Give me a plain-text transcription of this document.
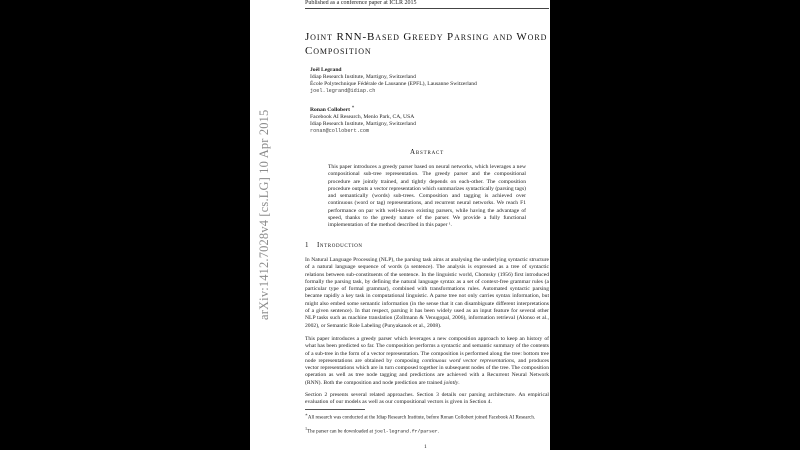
arXiv:1412.7028v4 [cs.LG] 10 Apr 2015
Published as a conference paper at ICLR 2015
Joint RNN-Based Greedy Parsing and Word Composition
Joël Legrand
Idiap Research Institute, Martigny, Switzerland
École Polytechnique Fédérale de Lausanne (EPFL), Lausanne Switzerland
joel.legrand@idiap.ch
Ronan Collobert ∗
Facebook AI Research, Menlo Park, CA, USA
Idiap Research Institute, Martigny, Switzerland
ronan@collobert.com
Abstract
This paper introduces a greedy parser based on neural networks, which leverages a new compositional sub-tree representation. The greedy parser and the compositional procedure are jointly trained, and tightly depends on each-other. The composition procedure outputs a vector representation which summarizes syntactically (parsing tags) and semantically (words) sub-trees. Composition and tagging is achieved over continuous (word or tag) representations, and recurrent neural networks. We reach F1 performance on par with well-known existing parsers, while having the advantage of speed, thanks to the greedy nature of the parser. We provide a fully functional implementation of the method described in this paper ¹.
1 Introduction
In Natural Language Processing (NLP), the parsing task aims at analysing the underlying syntactic structure of a natural language sequence of words (a sentence). The analysis is expressed as a tree of syntactic relations between sub-constituents of the sentence. In the linguistic world, Chomsky (1956) first introduced formally the parsing task, by defining the natural language syntax as a set of context-free grammar rules (a particular type of formal grammar), combined with transformations rules. Automated syntactic parsing became rapidly a key task in computational linguistic. A parse tree not only carries syntax information, but might also embed some semantic information (in the sense that it can disambiguate different interpretations of a given sentence). In that respect, parsing it has been widely used as an input feature for several other NLP tasks such as machine translation (Zollmann & Venugopal, 2006), information retrieval (Alonso et al., 2002), or Semantic Role Labeling (Punyakanok et al., 2008).
This paper introduces a greedy parser which leverages a new composition approach to keep an history of what has been predicted so far. The composition performs a syntactic and semantic summary of the contents of a sub-tree in the form of a vector representation. The composition is performed along the tree: bottom tree node representations are obtained by composing continuous word vector representations, and produces vector representations which are in turn composed together in subsequent nodes of the tree. The composition operation as well as tree node tagging and predictions are achieved with a Recurrent Neural Network (RNN). Both the composition and node prediction are trained jointly.
Section 2 presents several related approaches. Section 3 details our parsing architecture. An empirical evaluation of our models as well as our compositional vectors is given in Section 4.
∗All research was conducted at the Idiap Research Institute, before Ronan Collobert joined Facebook AI Research.
$^1$The parser can be downloaded at joel-legrand.fr/parser.
1
